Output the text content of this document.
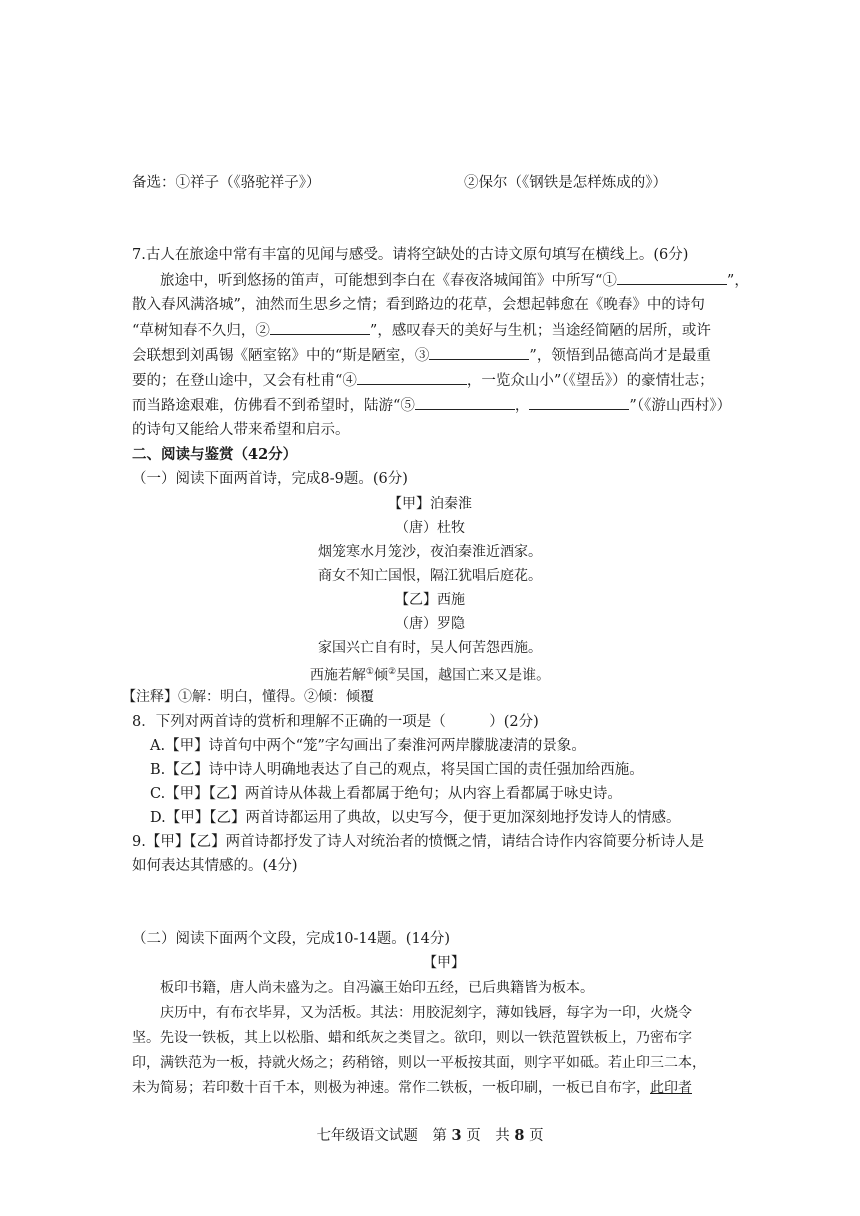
备选：①祥子（《骆驼祥子》）	②保尔（《钢铁是怎样炼成的》）
7.古人在旅途中常有丰富的见闻与感受。请将空缺处的古诗文原句填写在横线上。(6分)
旅途中，听到悠扬的笛声，可能想到李白在《春夜洛城闻笛》中所写“①	”，
散入春风满洛城”，油然而生思乡之情；看到路边的花草，会想起韩愈在《晚春》中的诗句
“草树知春不久归，②	”，感叹春天的美好与生机；当途经简陋的居所，或许
会联想到刘禹锡《陋室铭》中的“斯是陋室，③	”，领悟到品德高尚才是最重
要的；在登山途中，又会有杜甫“④	，一览众山小”（《望岳》）的豪情壮志；
而当路途艰难，仿佛看不到希望时，陆游“⑤	，	”（《游山西村》）
的诗句又能给人带来希望和启示。
二、阅读与鉴赏（42分）
（一）阅读下面两首诗，完成8-9题。(6分)
【甲】泊秦淮
（唐）杜牧
烟笼寒水月笼沙，夜泊秦淮近酒家。
商女不知亡国恨，隔江犹唱后庭花。
【乙】西施
（唐）罗隐
家国兴亡自有时，吴人何苦怨西施。
西施若解①倾②吴国，越国亡来又是谁。
【注释】①解：明白，懂得。②倾：倾覆
8．下列对两首诗的赏析和理解不正确的一项是（　　　）(2分)
A.【甲】诗首句中两个“笼”字勾画出了秦淮河两岸朦胧凄清的景象。
B.【乙】诗中诗人明确地表达了自己的观点，将吴国亡国的责任强加给西施。
C.【甲】【乙】两首诗从体裁上看都属于绝句；从内容上看都属于咏史诗。
D.【甲】【乙】两首诗都运用了典故，以史写今，便于更加深刻地抒发诗人的情感。
9.【甲】【乙】两首诗都抒发了诗人对统治者的愤慨之情，请结合诗作内容简要分析诗人是
如何表达其情感的。(4分)
（二）阅读下面两个文段，完成10-14题。(14分)
【甲】
板印书籍，唐人尚未盛为之。自冯瀛王始印五经，已后典籍皆为板本。
庆历中，有布衣毕昇，又为活板。其法：用胶泥刻字，薄如钱唇，每字为一印，火烧令
坚。先设一铁板，其上以松脂、蜡和纸灰之类冒之。欲印，则以一铁范置铁板上，乃密布字
印，满铁范为一板，持就火炀之；药稍镕，则以一平板按其面，则字平如砥。若止印三二本，
未为简易；若印数十百千本，则极为神速。常作二铁板，一板印刷，一板已自布字，此印者
七年级语文试题　第 3 页　共 8 页
